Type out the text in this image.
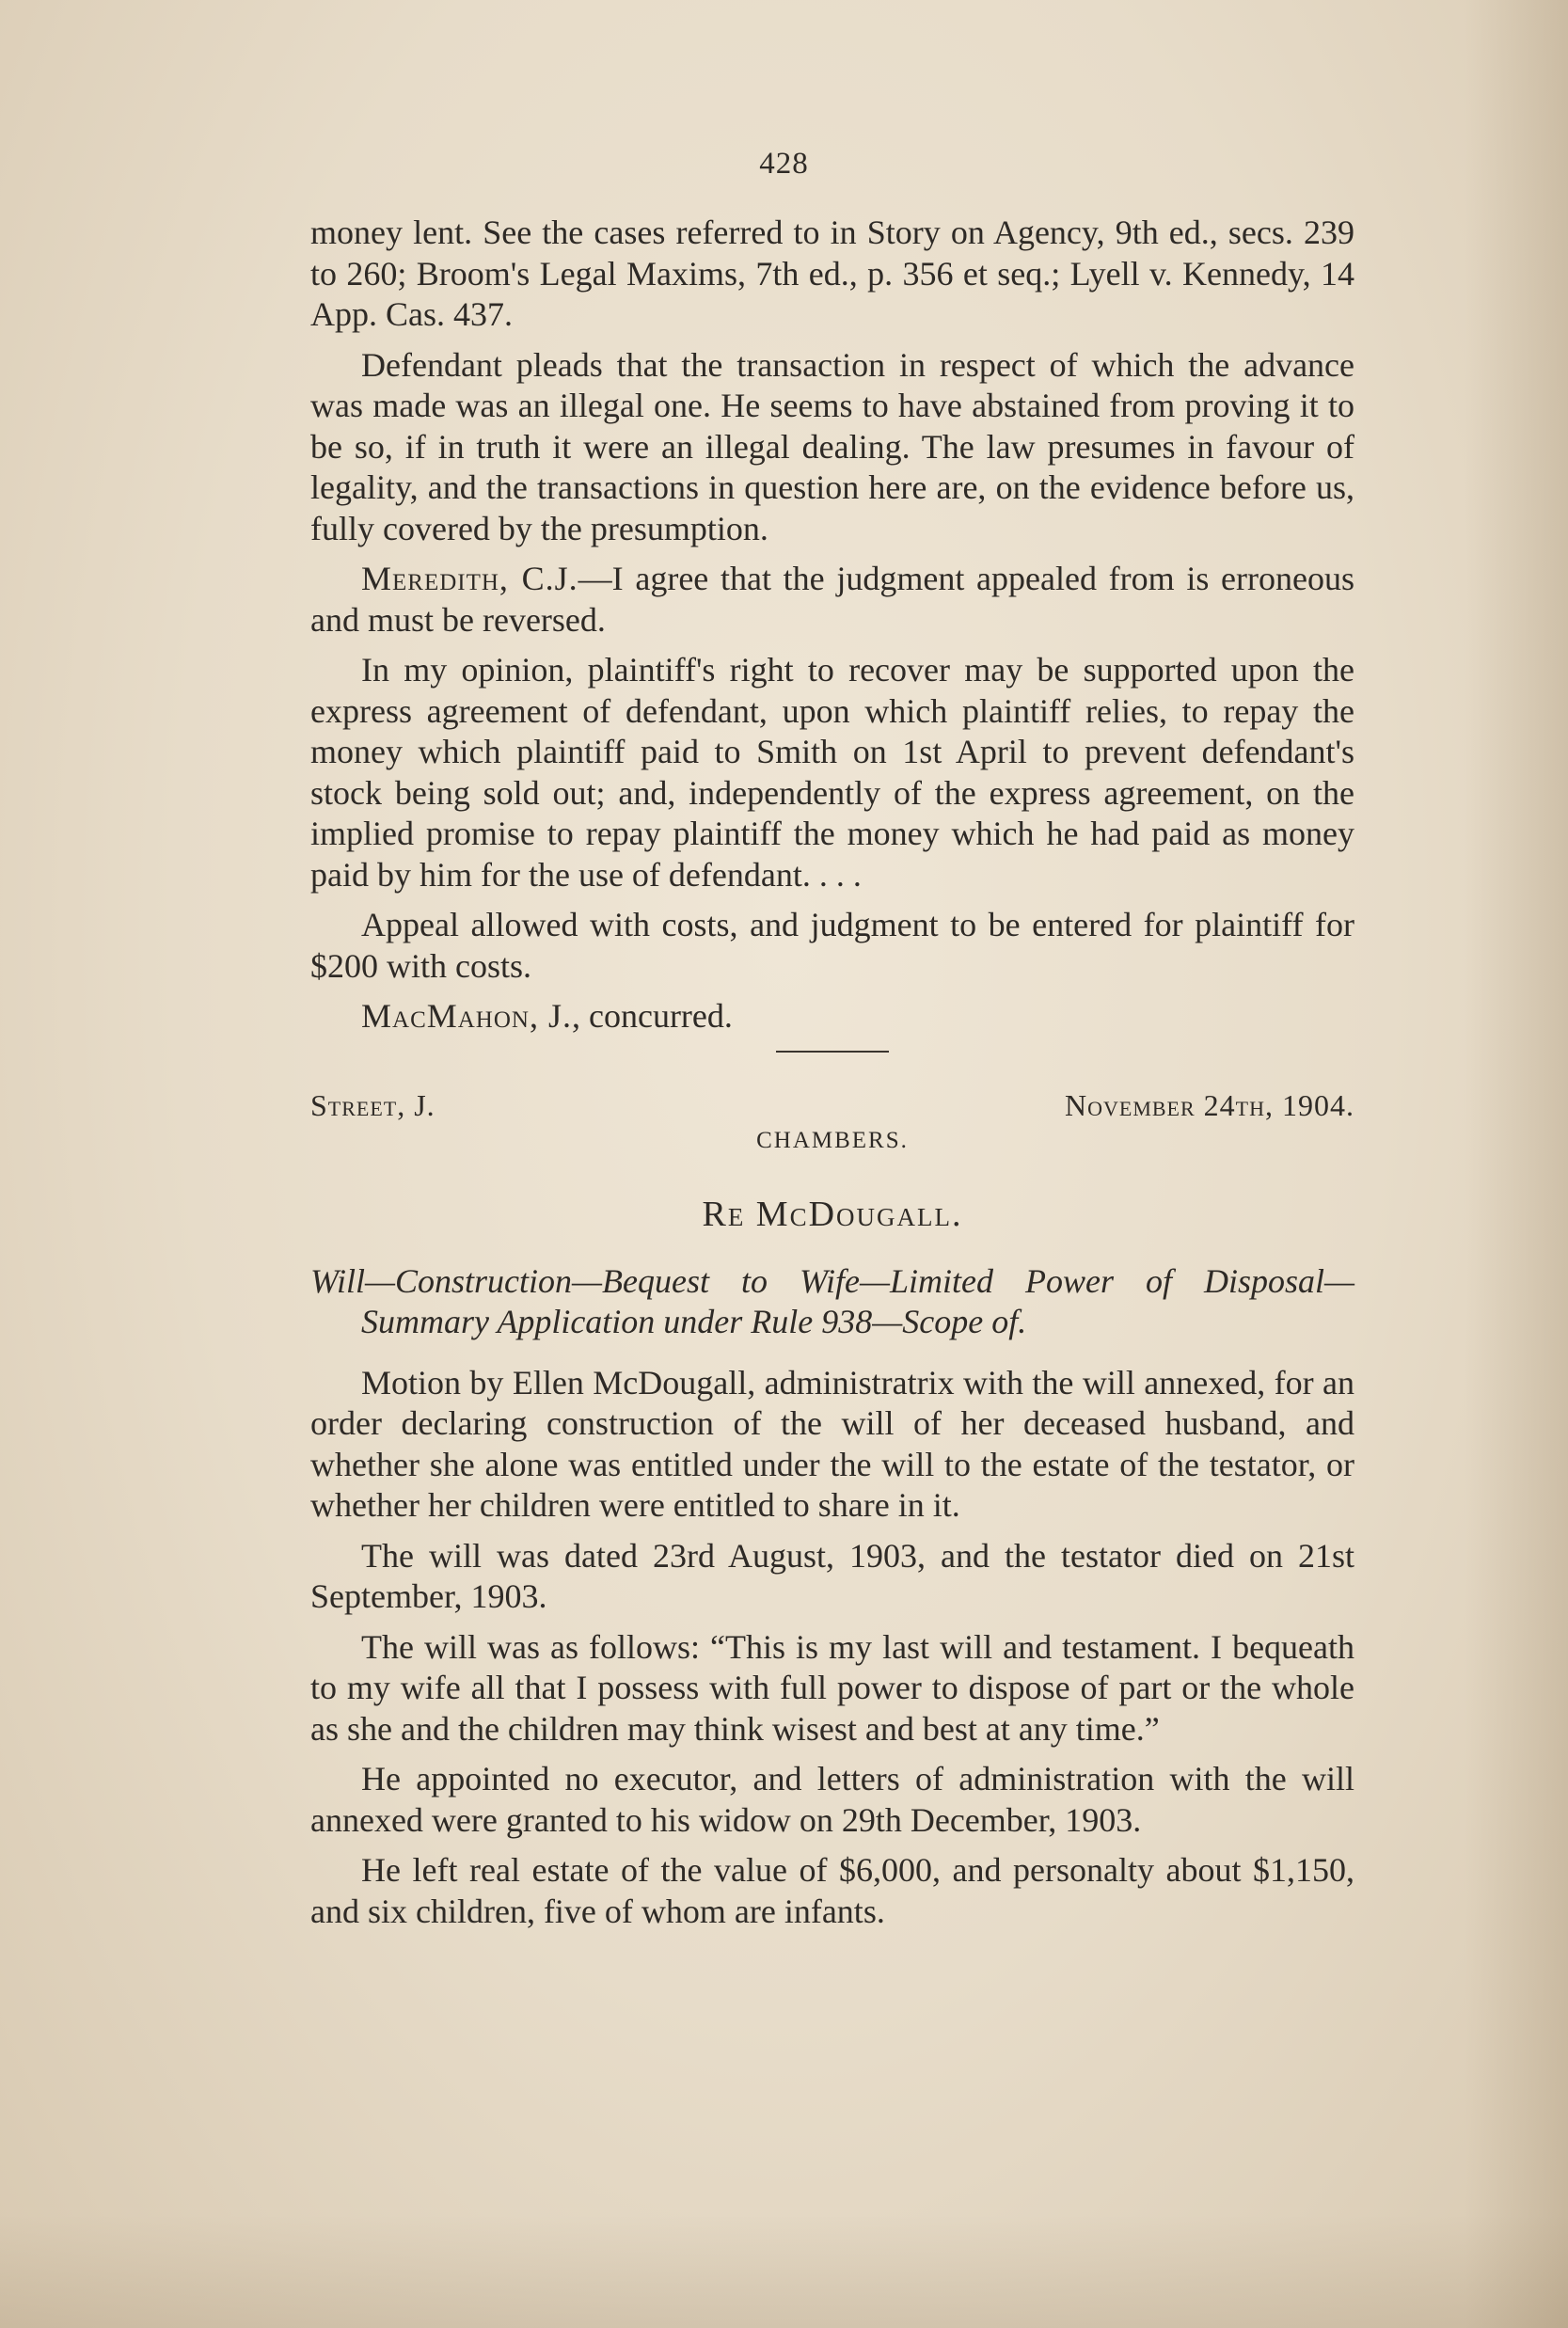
428

money lent. See the cases referred to in Story on Agency, 9th ed., secs. 239 to 260; Broom's Legal Maxims, 7th ed., p. 356 et seq.; Lyell v. Kennedy, 14 App. Cas. 437.

Defendant pleads that the transaction in respect of which the advance was made was an illegal one. He seems to have abstained from proving it to be so, if in truth it were an illegal dealing. The law presumes in favour of legality, and the transactions in question here are, on the evidence before us, fully covered by the presumption.

Meredith, C.J.—I agree that the judgment appealed from is erroneous and must be reversed.

In my opinion, plaintiff's right to recover may be supported upon the express agreement of defendant, upon which plaintiff relies, to repay the money which plaintiff paid to Smith on 1st April to prevent defendant's stock being sold out; and, independently of the express agreement, on the implied promise to repay plaintiff the money which he had paid as money paid by him for the use of defendant. . . .

Appeal allowed with costs, and judgment to be entered for plaintiff for $200 with costs.

MacMahon, J., concurred.

Street, J.	November 24th, 1904.
CHAMBERS.
Re McDougall.
Will—Construction—Bequest to Wife—Limited Power of Disposal—Summary Application under Rule 938—Scope of.

Motion by Ellen McDougall, administratrix with the will annexed, for an order declaring construction of the will of her deceased husband, and whether she alone was entitled under the will to the estate of the testator, or whether her children were entitled to share in it.

The will was dated 23rd August, 1903, and the testator died on 21st September, 1903.

The will was as follows: “This is my last will and testament. I bequeath to my wife all that I possess with full power to dispose of part or the whole as she and the children may think wisest and best at any time.”

He appointed no executor, and letters of administration with the will annexed were granted to his widow on 29th December, 1903.

He left real estate of the value of $6,000, and personalty about $1,150, and six children, five of whom are infants.
